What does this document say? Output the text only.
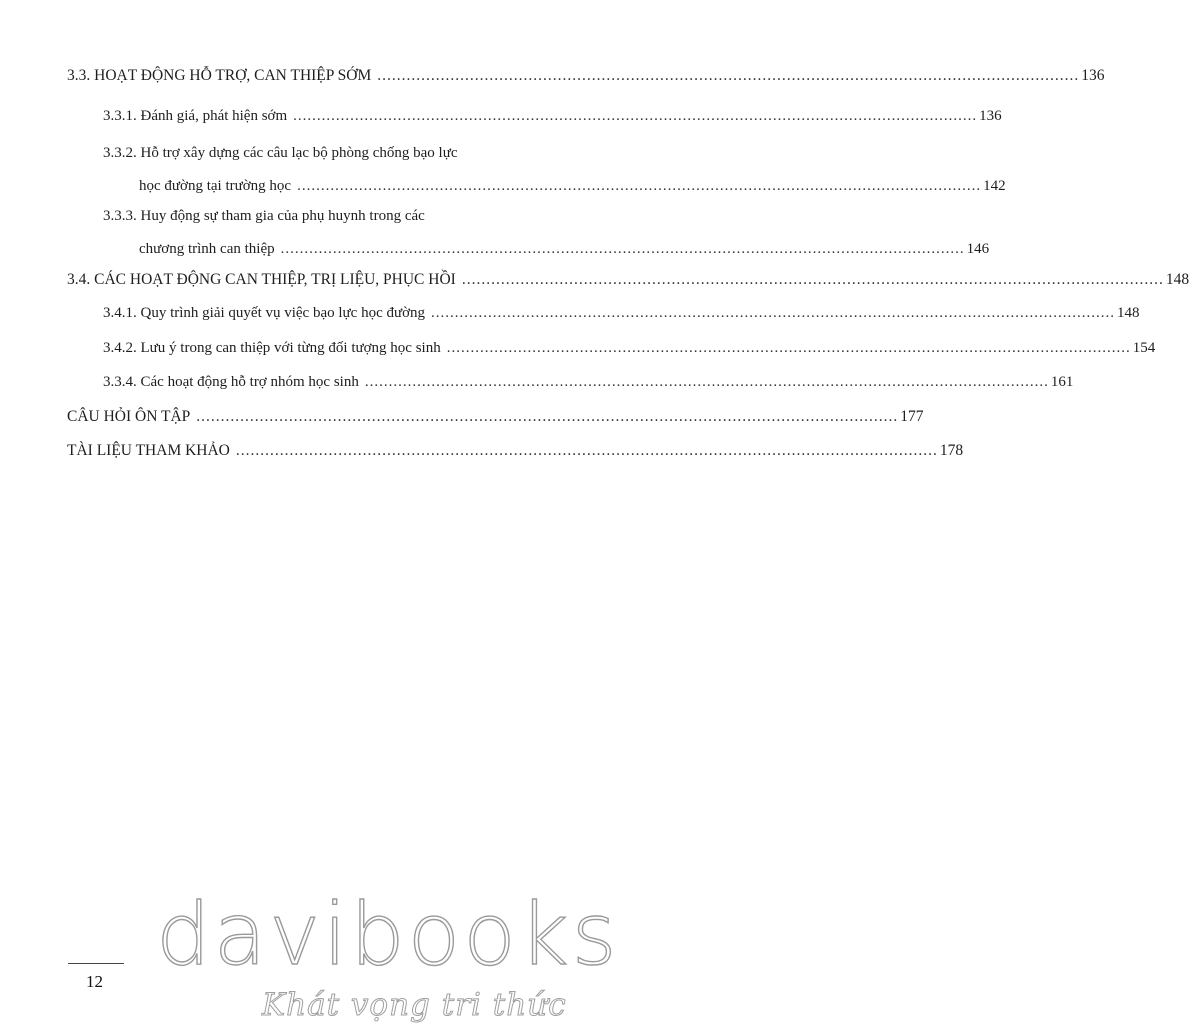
3.3. HOẠT ĐỘNG HỖ TRỢ, CAN THIỆP SỚM ................................................................................................................................................ 136
3.3.1. Đánh giá, phát hiện sớm ................................................................................................................................................ 136
3.3.2. Hỗ trợ xây dựng các câu lạc bộ phòng chống bạo lực
học đường tại trường học ................................................................................................................................................ 142
3.3.3. Huy động sự tham gia của phụ huynh trong các
chương trình can thiệp ................................................................................................................................................ 146
3.4. CÁC HOẠT ĐỘNG CAN THIỆP, TRỊ LIỆU, PHỤC HỒI ................................................................................................................................................ 148
3.4.1. Quy trình giải quyết vụ việc bạo lực học đường ................................................................................................................................................ 148
3.4.2. Lưu ý trong can thiệp với từng đối tượng học sinh ................................................................................................................................................ 154
3.3.4. Các hoạt động hỗ trợ nhóm học sinh ................................................................................................................................................ 161
CÂU HỎI ÔN TẬP ................................................................................................................................................ 177
TÀI LIỆU THAM KHẢO ................................................................................................................................................ 178
12 davibooks
Khát vọng tri thức
